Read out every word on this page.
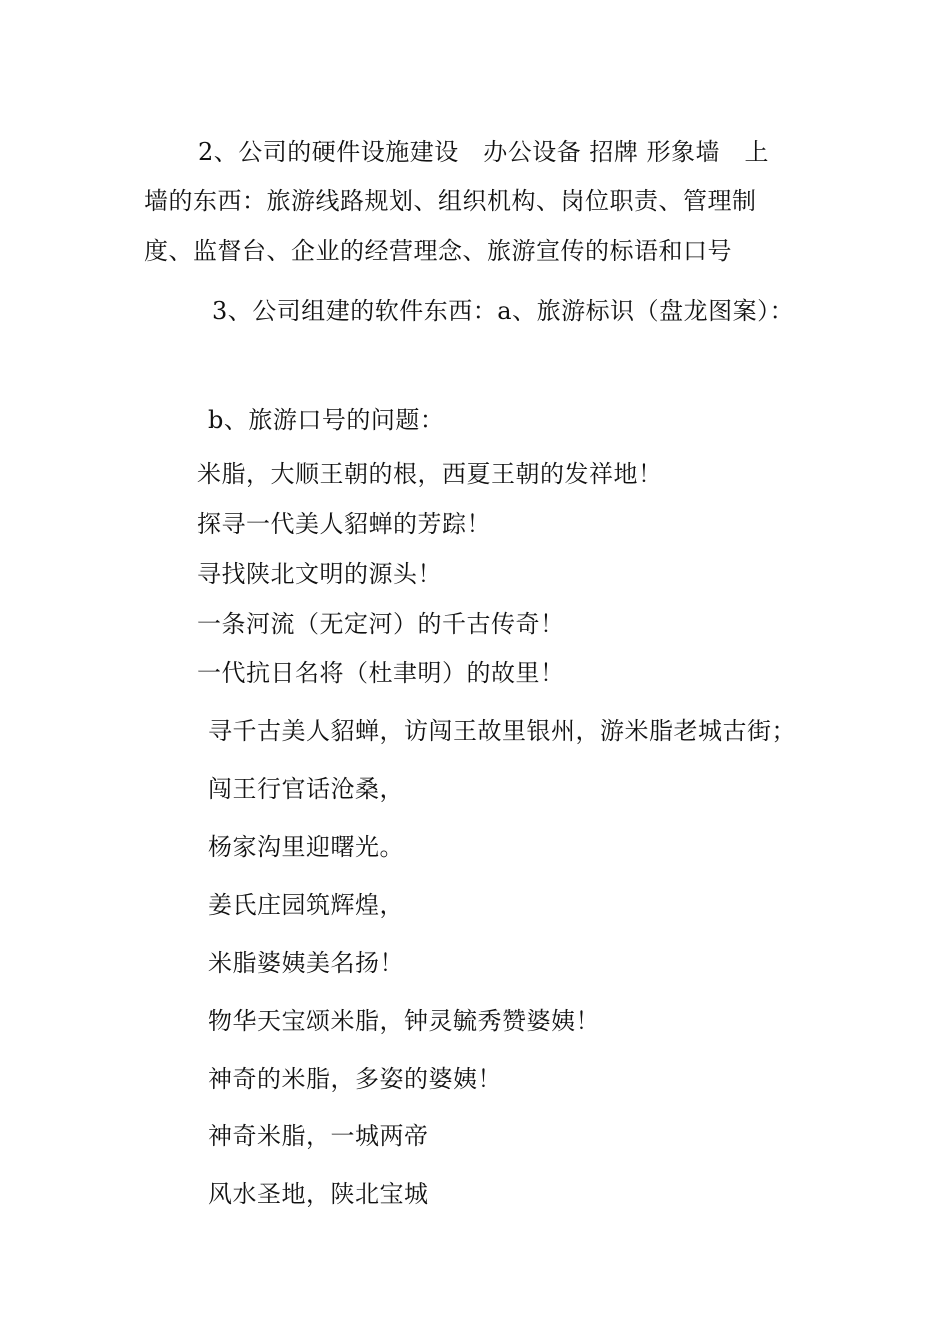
2、公司的硬件设施建设　办公设备 招牌 形象墙　上
墙的东西：旅游线路规划、组织机构、岗位职责、管理制
度、监督台、企业的经营理念、旅游宣传的标语和口号
3、公司组建的软件东西：a、旅游标识（盘龙图案）：
b、旅游口号的问题：
米脂，大顺王朝的根，西夏王朝的发祥地！
探寻一代美人貂蝉的芳踪！
寻找陕北文明的源头！
一条河流（无定河）的千古传奇！
一代抗日名将（杜聿明）的故里！
寻千古美人貂蝉，访闯王故里银州，游米脂老城古街；
闯王行官话沧桑，
杨家沟里迎曙光。
姜氏庄园筑辉煌，
米脂婆姨美名扬！
物华天宝颂米脂，钟灵毓秀赞婆姨！
神奇的米脂，多姿的婆姨！
神奇米脂，一城两帝
风水圣地，陕北宝城
